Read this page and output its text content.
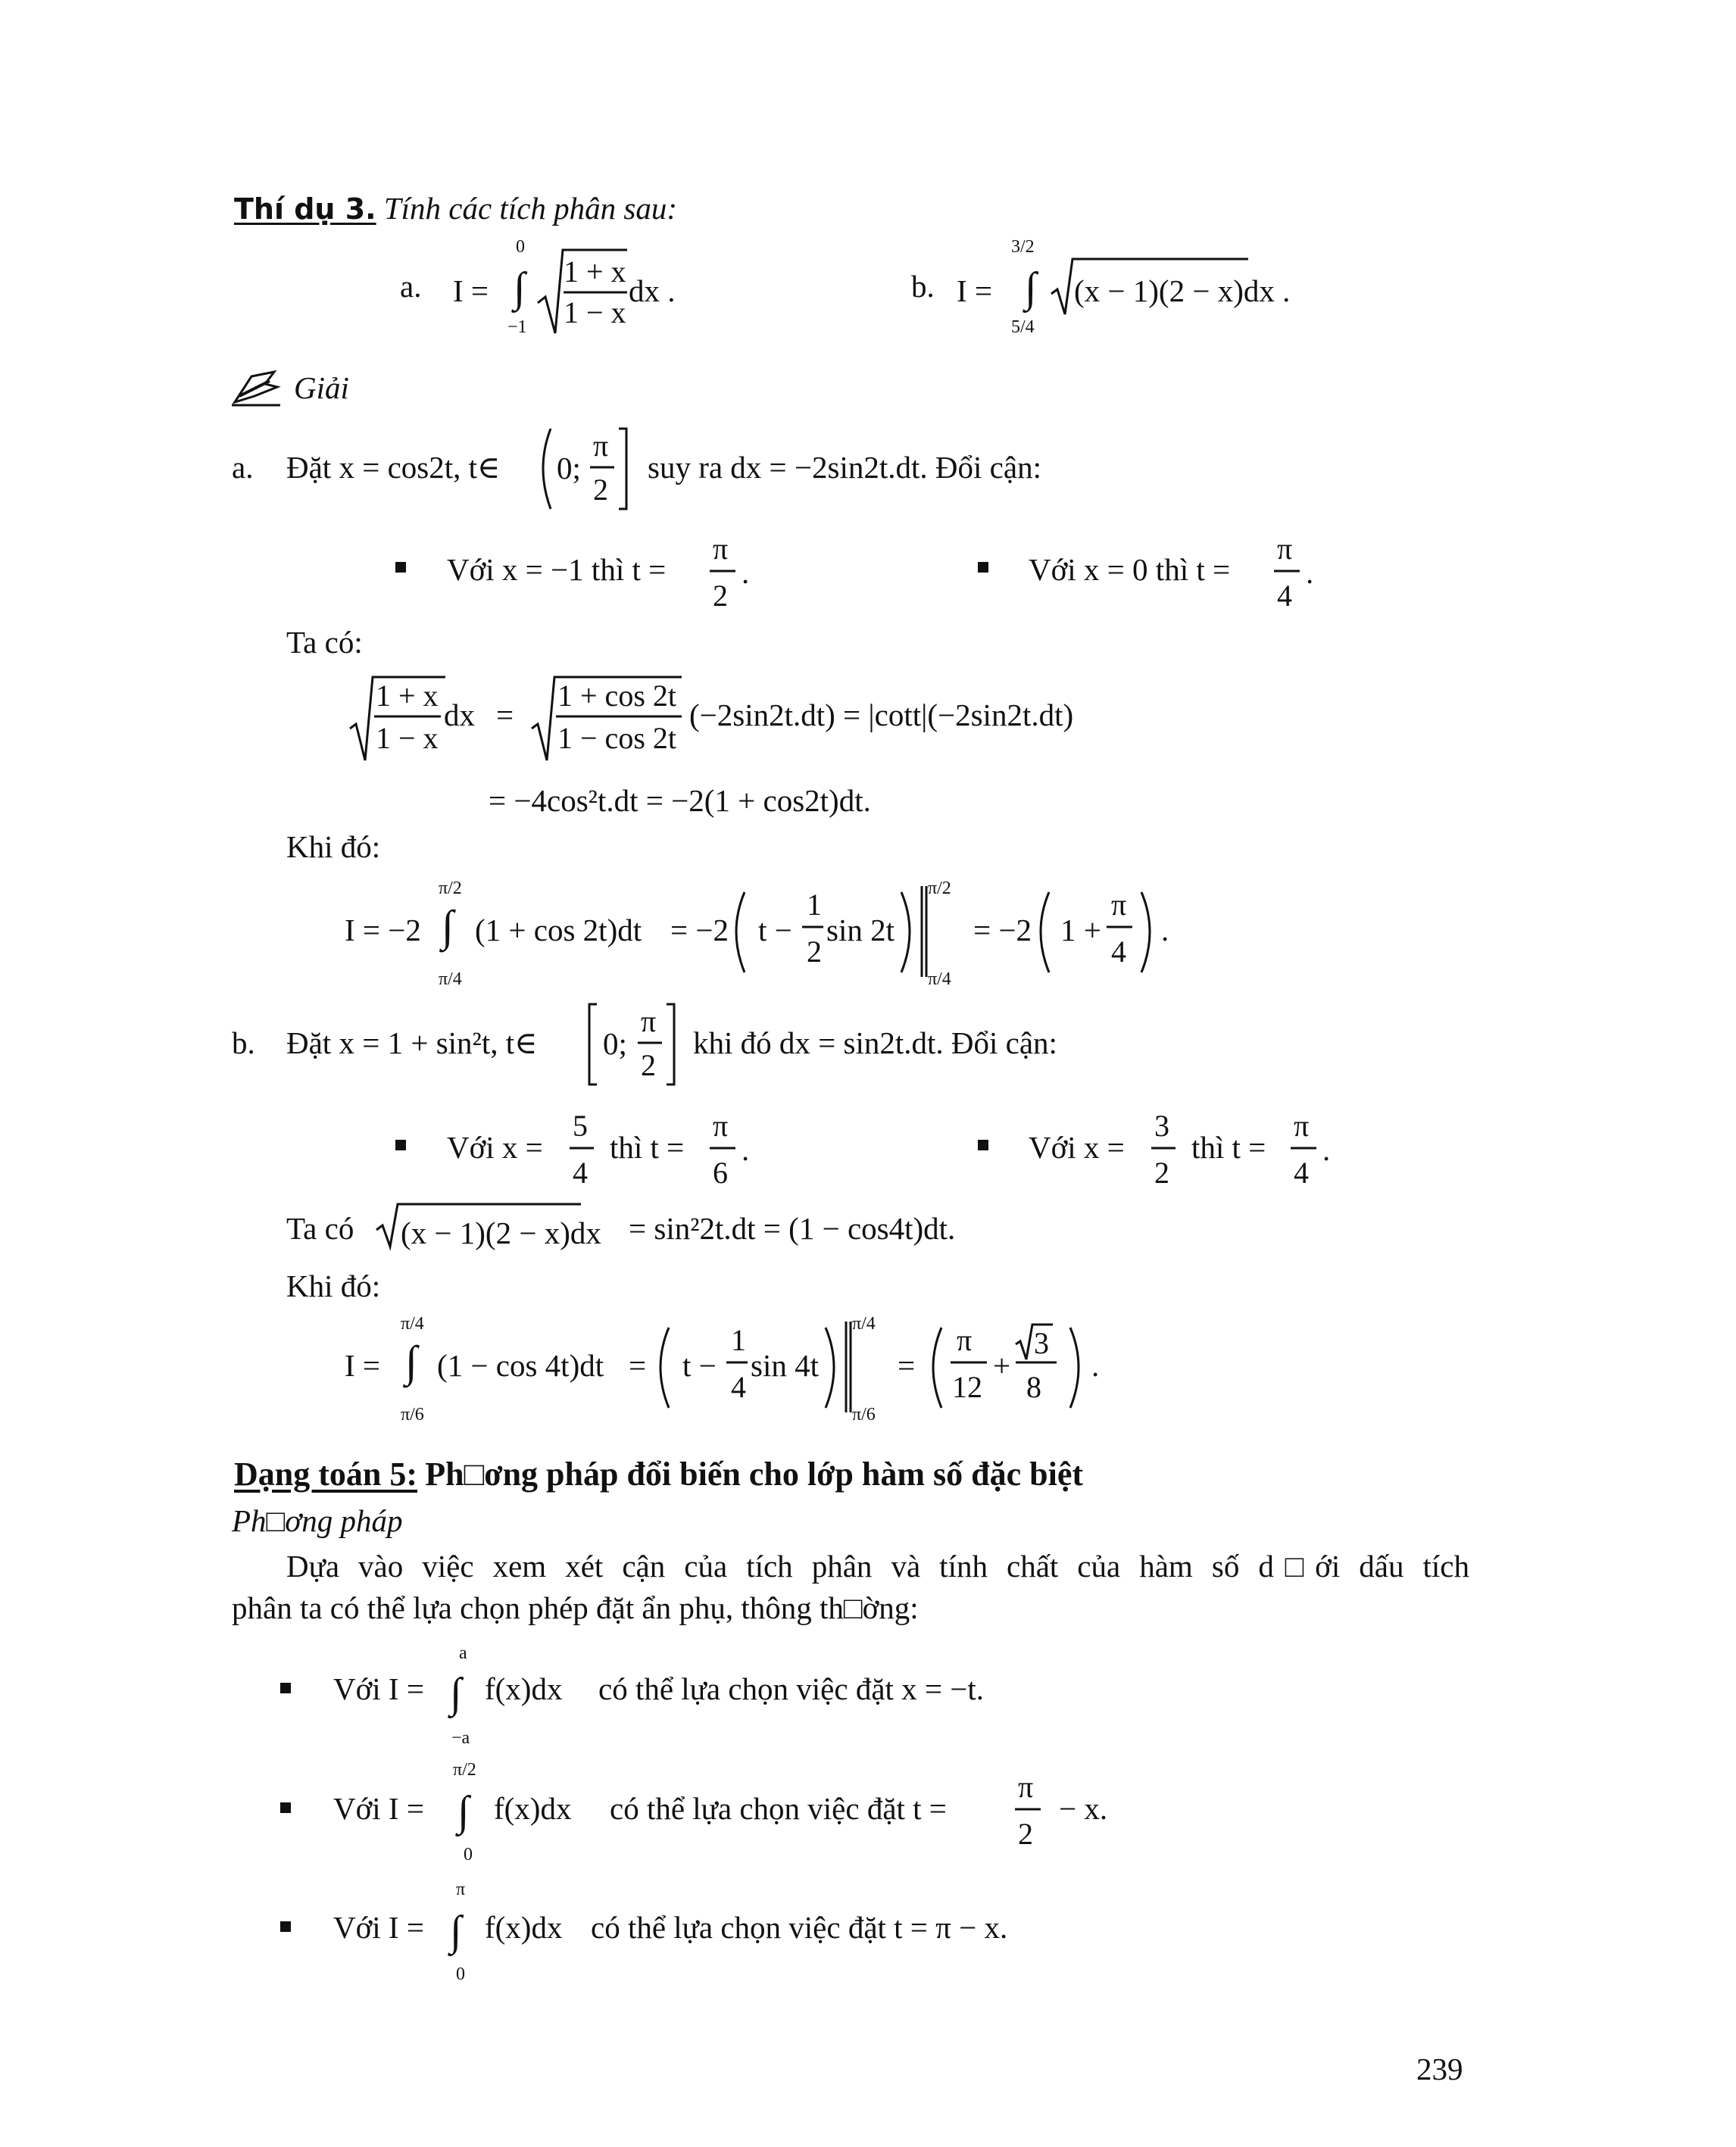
Thí dụ 3. Tính các tích phân sau:
a. I = ∫
0
−1
1 + x
1 − x
dx .	b. I = ∫
3/2
5/4
(x − 1)(2 − x)dx .
Giải
a. Đặt x = cos2t, t∈ 0;
π
2
suy ra dx = −2sin2t.dt. Đổi cận:
Với x = −1 thì t =
π
2
.	Với x = 0 thì t =
π
4
.
Ta có:
1 + x
1 − x
dx =
1 + cos 2t
1 − cos 2t
(−2sin2t.dt) = |cott|(−2sin2t.dt)
= −4cos²t.dt = −2(1 + cos2t)dt.
Khi đó:
I = −2 ∫
π/2
π/4
(1 + cos 2t)dt = −2 t −
1
2
sin 2t
π/2
π/4
= −2 1 +
π
4
.
b. Đặt x = 1 + sin²t, t∈ 0;
π
2
khi đó dx = sin2t.dt. Đổi cận:
Với x =
5
4
thì t =
π
6
.	Với x =
3
2
thì t =
π
4
.
Ta có (x − 1)(2 − x)dx = sin²2t.dt = (1 − cos4t)dt.
Khi đó:
I = ∫
π/4
π/6
(1 − cos 4t)dt = t −
1
4
sin 4t
π/4
π/6
=
π
12
+
3
8
.
Dạng toán 5: Ph□ơng pháp đổi biến cho lớp hàm số đặc biệt
Ph□ơng pháp
Dựa vào việc xem xét cận của tích phân và tính chất của hàm số d□ới dấu tích
phân ta có thể lựa chọn phép đặt ẩn phụ, thông th□ờng:
Với I = ∫
a
−a
f(x)dx có thể lựa chọn việc đặt x = −t.
Với I = ∫
π/2
0
f(x)dx có thể lựa chọn việc đặt t =
π
2
− x.
Với I = ∫
π
0
f(x)dx có thể lựa chọn việc đặt t = π − x.
239
